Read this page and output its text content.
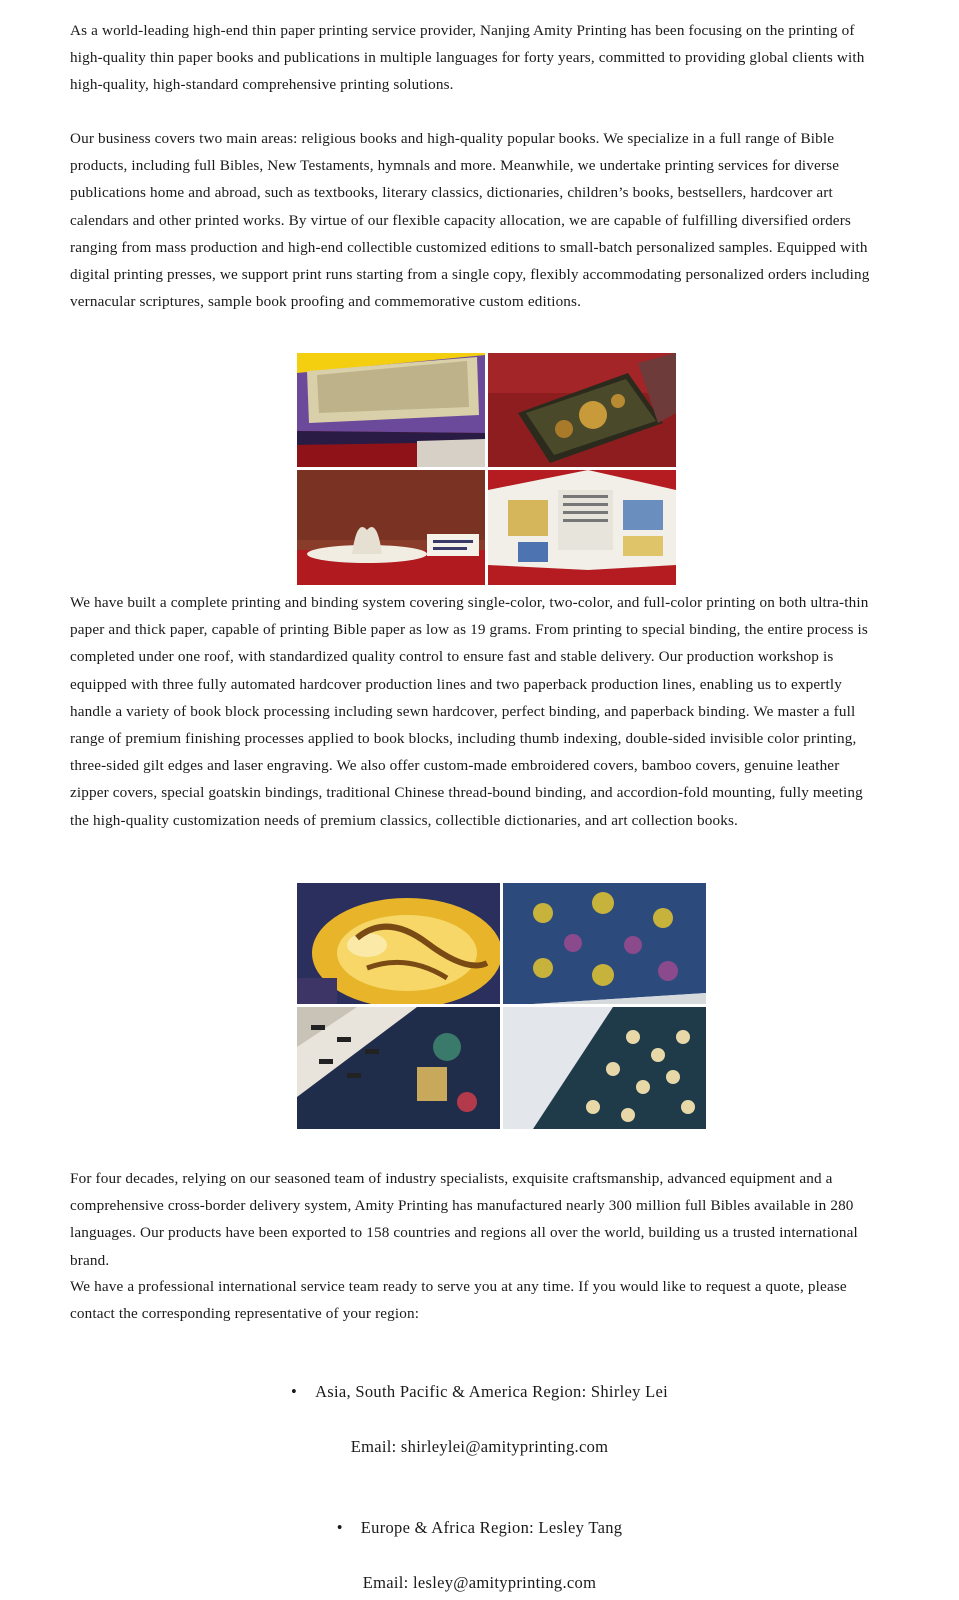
As a world-leading high-end thin paper printing service provider, Nanjing Amity Printing has been focusing on the printing of high-quality thin paper books and publications in multiple languages for forty years, committed to providing global clients with high-quality, high-standard comprehensive printing solutions.

Our business covers two main areas: religious books and high-quality popular books. We specialize in a full range of Bible products, including full Bibles, New Testaments, hymnals and more. Meanwhile, we undertake printing services for diverse publications home and abroad, such as textbooks, literary classics, dictionaries, children’s books, bestsellers, hardcover art calendars and other printed works. By virtue of our flexible capacity allocation, we are capable of fulfilling diversified orders ranging from mass production and high-end collectible customized editions to small-batch personalized samples. Equipped with digital printing presses, we support print runs starting from a single copy, flexibly accommodating personalized orders including vernacular scriptures, sample book proofing and commemorative custom editions.

We have built a complete printing and binding system covering single-color, two-color, and full-color printing on both ultra-thin paper and thick paper, capable of printing Bible paper as low as 19 grams. From printing to special binding, the entire process is completed under one roof, with standardized quality control to ensure fast and stable delivery. Our production workshop is equipped with three fully automated hardcover production lines and two paperback production lines, enabling us to expertly handle a variety of book block processing including sewn hardcover, perfect binding, and paperback binding. We master a full range of premium finishing processes applied to book blocks, including thumb indexing, double-sided invisible color printing, three-sided gilt edges and laser engraving. We also offer custom-made embroidered covers, bamboo covers, genuine leather zipper covers, special goatskin bindings, traditional Chinese thread-bound binding, and accordion-fold mounting, fully meeting the high-quality customization needs of premium classics, collectible dictionaries, and art collection books.

For four decades, relying on our seasoned team of industry specialists, exquisite craftsmanship, advanced equipment and a comprehensive cross-border delivery system, Amity Printing has manufactured nearly 300 million full Bibles available in 280 languages. Our products have been exported to 158 countries and regions all over the world, building us a trusted international brand.

We have a professional international service team ready to serve you at any time. If you would like to request a quote, please contact the corresponding representative of your region:

• Asia, South Pacific & America Region: Shirley Lei

Email: shirleylei@amityprinting.com

• Europe & Africa Region: Lesley Tang

Email: lesley@amityprinting.com
